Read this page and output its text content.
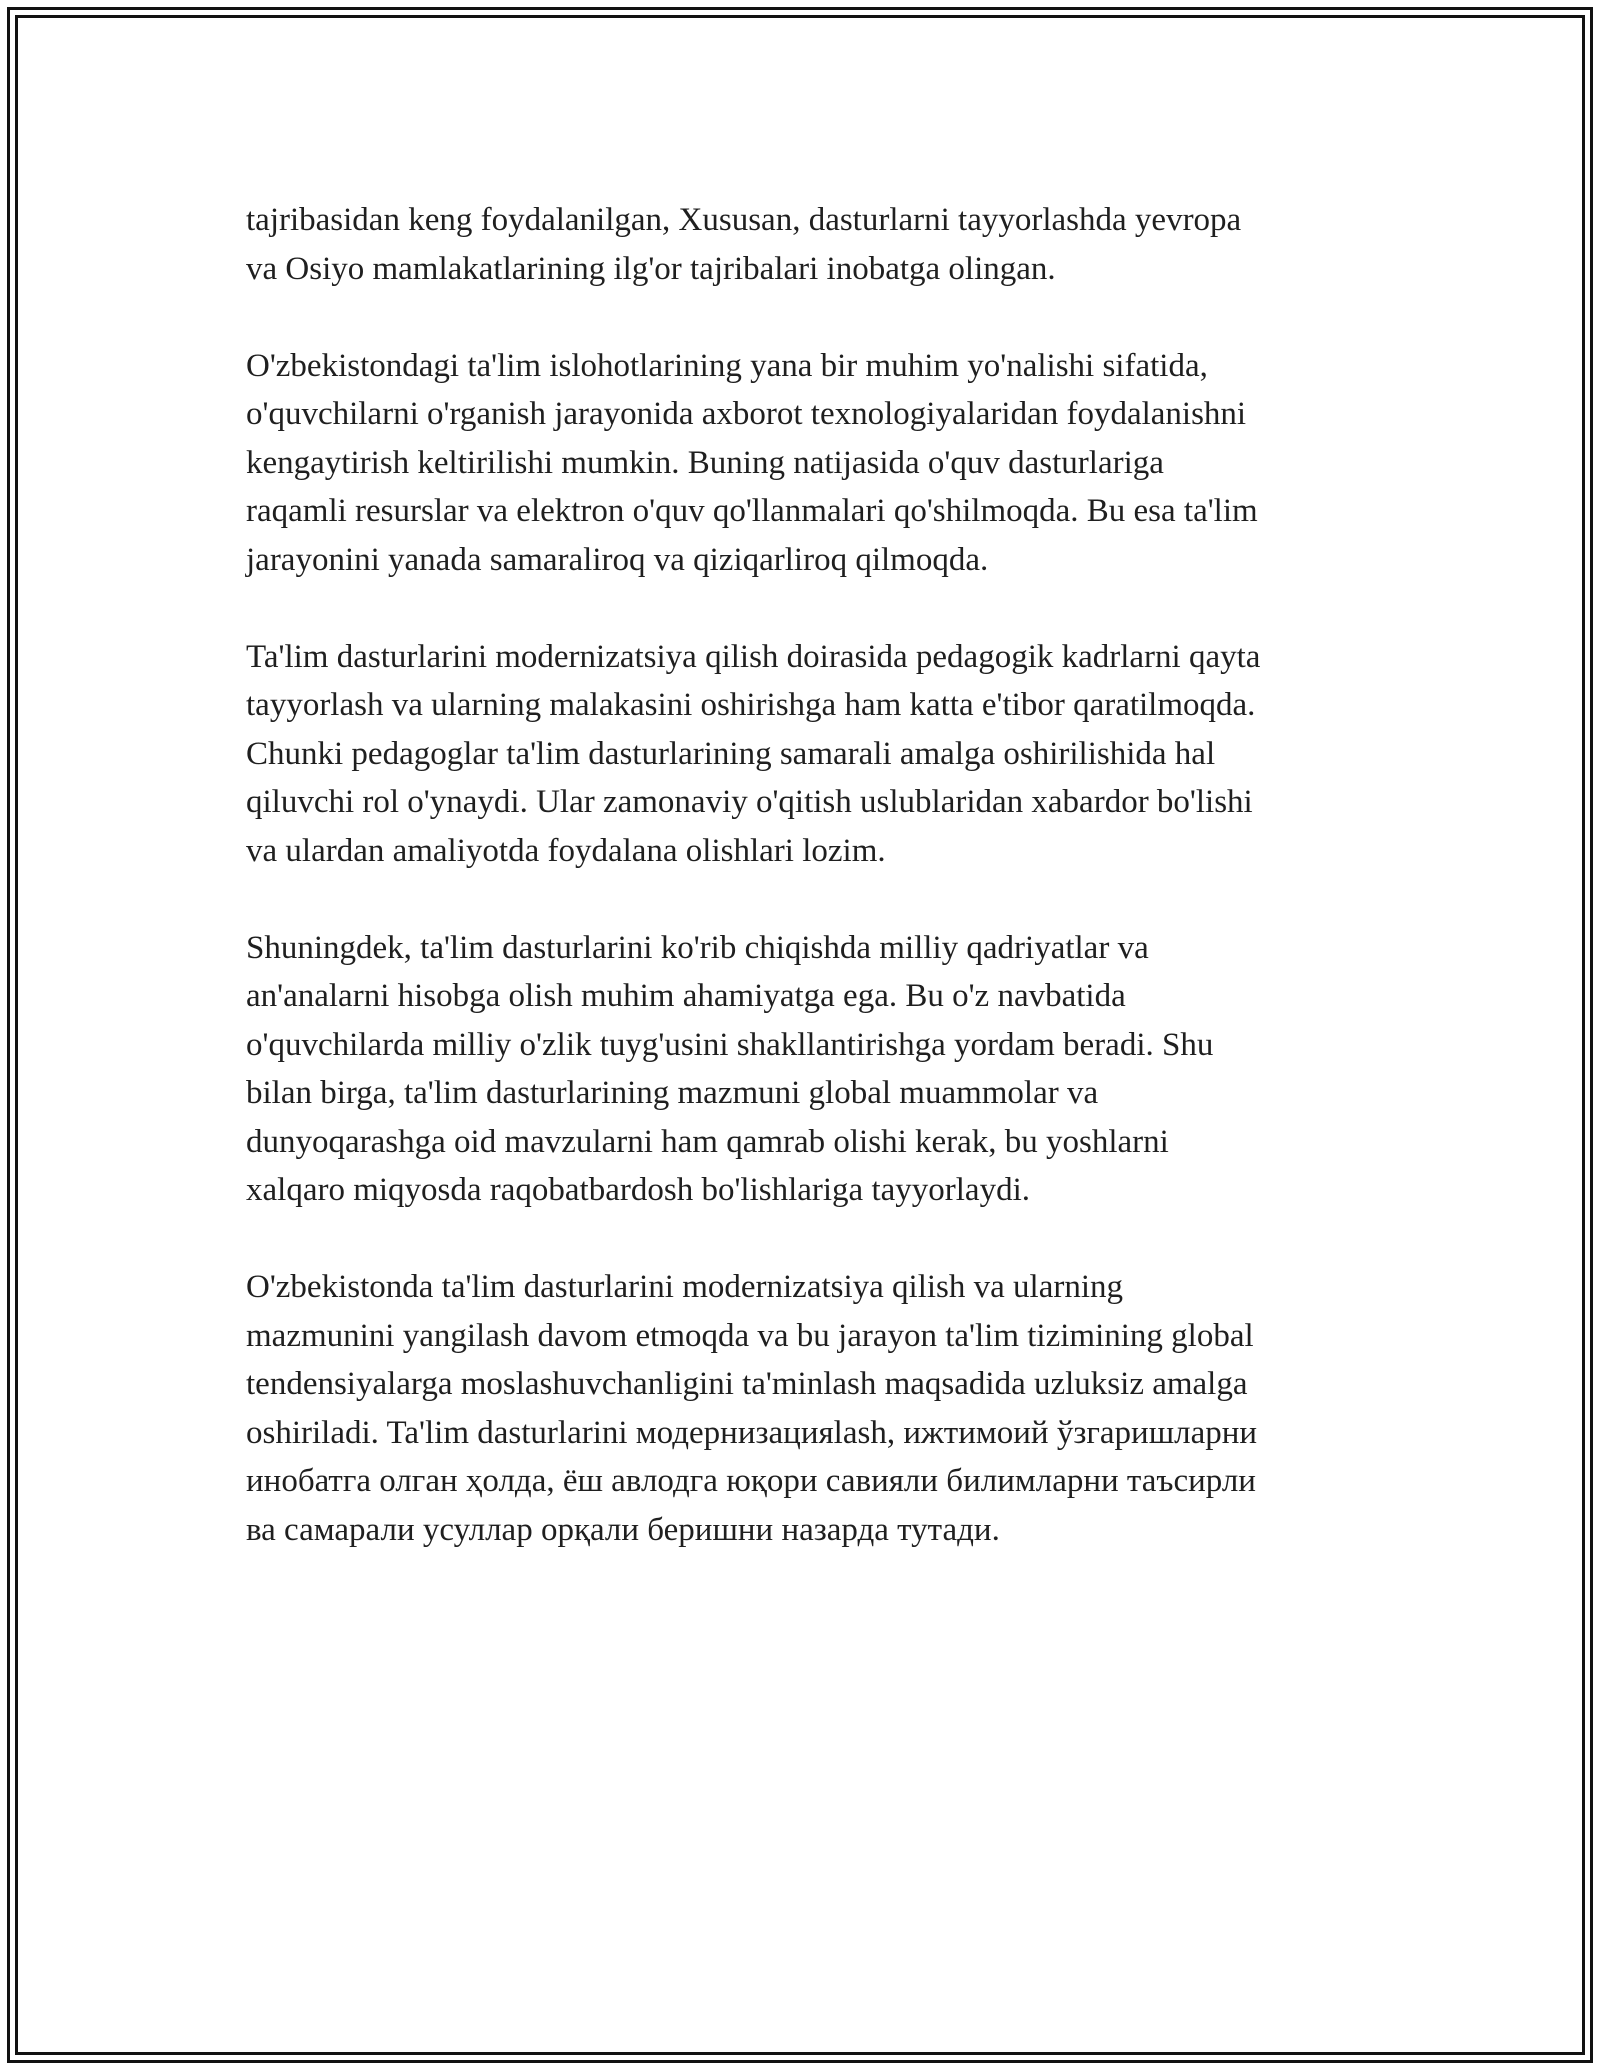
tajribasidan keng foydalanilgan, Xususan, dasturlarni tayyorlashda yevropa
va Osiyo mamlakatlarining ilg'or tajribalari inobatga olingan.

O'zbekistondagi ta'lim islohotlarining yana bir muhim yo'nalishi sifatida,
o'quvchilarni o'rganish jarayonida axborot texnologiyalaridan foydalanishni
kengaytirish keltirilishi mumkin. Buning natijasida o'quv dasturlariga
raqamli resurslar va elektron o'quv qo'llanmalari qo'shilmoqda. Bu esa ta'lim
jarayonini yanada samaraliroq va qiziqarliroq qilmoqda.

Ta'lim dasturlarini modernizatsiya qilish doirasida pedagogik kadrlarni qayta
tayyorlash va ularning malakasini oshirishga ham katta e'tibor qaratilmoqda.
Chunki pedagoglar ta'lim dasturlarining samarali amalga oshirilishida hal
qiluvchi rol o'ynaydi. Ular zamonaviy o'qitish uslublaridan xabardor bo'lishi
va ulardan amaliyotda foydalana olishlari lozim.

Shuningdek, ta'lim dasturlarini ko'rib chiqishda milliy qadriyatlar va
an'analarni hisobga olish muhim ahamiyatga ega. Bu o'z navbatida
o'quvchilarda milliy o'zlik tuyg'usini shakllantirishga yordam beradi. Shu
bilan birga, ta'lim dasturlarining mazmuni global muammolar va
dunyoqarashga oid mavzularni ham qamrab olishi kerak, bu yoshlarni
xalqaro miqyosda raqobatbardosh bo'lishlariga tayyorlaydi.

O'zbekistonda ta'lim dasturlarini modernizatsiya qilish va ularning
mazmunini yangilash davom etmoqda va bu jarayon ta'lim tizimining global
tendensiyalarga moslashuvchanligini ta'minlash maqsadida uzluksiz amalga
oshiriladi. Ta'lim dasturlarini модернизацияlash, ижтимоий ўзгаришларни
инобатга олган ҳолда, ёш авлодга юқори савияли билимларни таъсирли
ва самарали усуллар орқали беришни назарда тутади.
